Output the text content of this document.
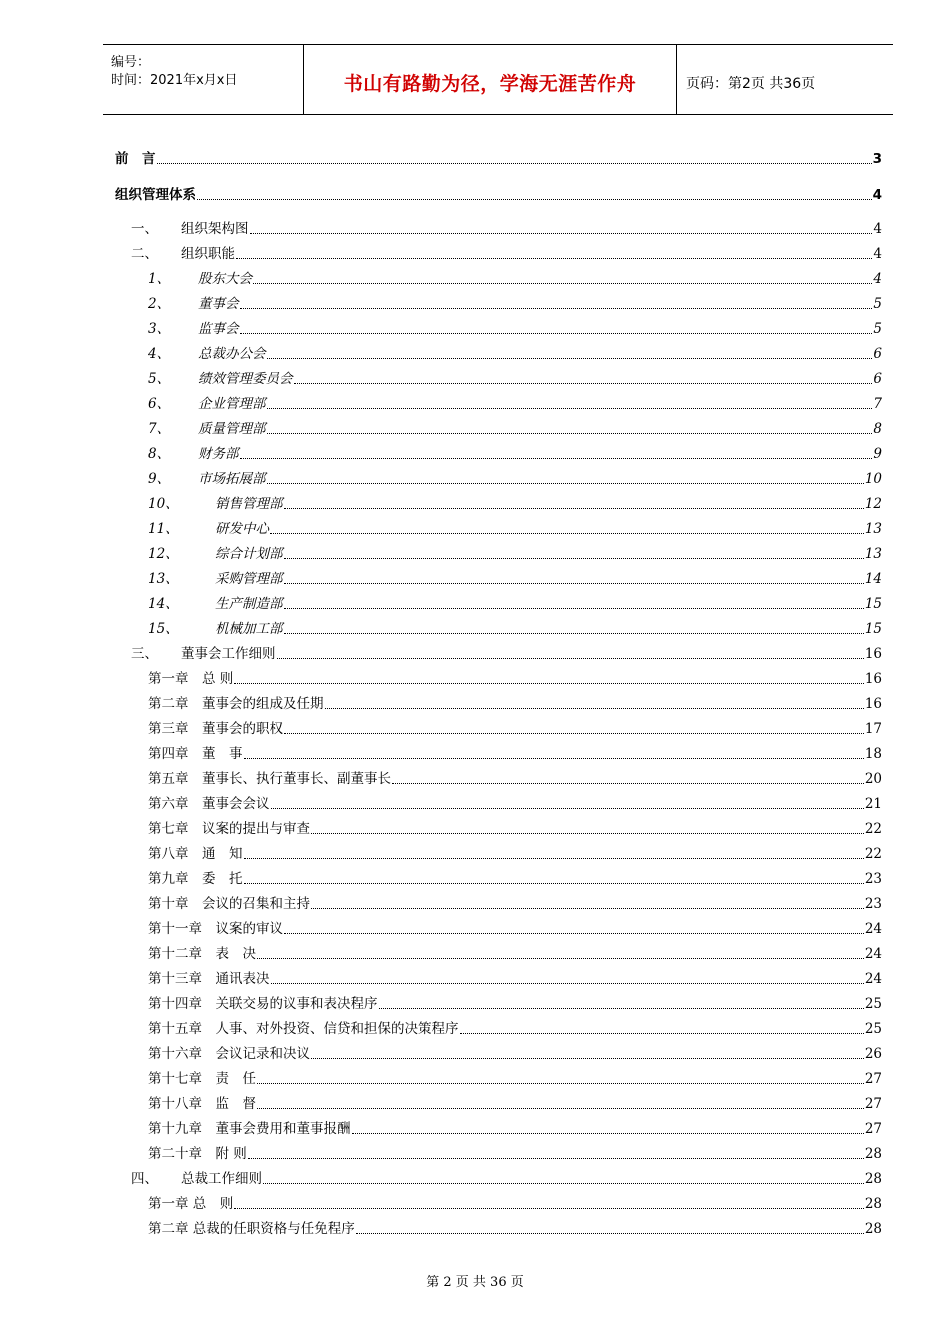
编号：
时间：2021年x月x日	书山有路勤为径，学海无涯苦作舟	页码：第2页 共36页
前　言	3
组织管理体系	4
一、	组织架构图	4
二、	组织职能	4
1、	股东大会	4
2、	董事会	5
3、	监事会	5
4、	总裁办公会	6
5、	绩效管理委员会	6
6、	企业管理部	7
7、	质量管理部	8
8、	财务部	9
9、	市场拓展部	10
10、	销售管理部	12
11、	研发中心	13
12、	综合计划部	13
13、	采购管理部	14
14、	生产制造部	15
15、	机械加工部	15
三、	董事会工作细则	16
第一章　总 则	16
第二章　董事会的组成及任期	16
第三章　董事会的职权	17
第四章　董　事	18
第五章　董事长、执行董事长、副董事长	20
第六章　董事会会议	21
第七章　议案的提出与审查	22
第八章　通　知	22
第九章　委　托	23
第十章　会议的召集和主持	23
第十一章　议案的审议	24
第十二章　表　决	24
第十三章　通讯表决	24
第十四章　关联交易的议事和表决程序	25
第十五章　人事、对外投资、信贷和担保的决策程序	25
第十六章　会议记录和决议	26
第十七章　责　任	27
第十八章　监　督	27
第十九章　董事会费用和董事报酬	27
第二十章　附 则	28
四、	总裁工作细则	28
第一章 总　则	28
第二章 总裁的任职资格与任免程序	28
第 2 页 共 36 页
